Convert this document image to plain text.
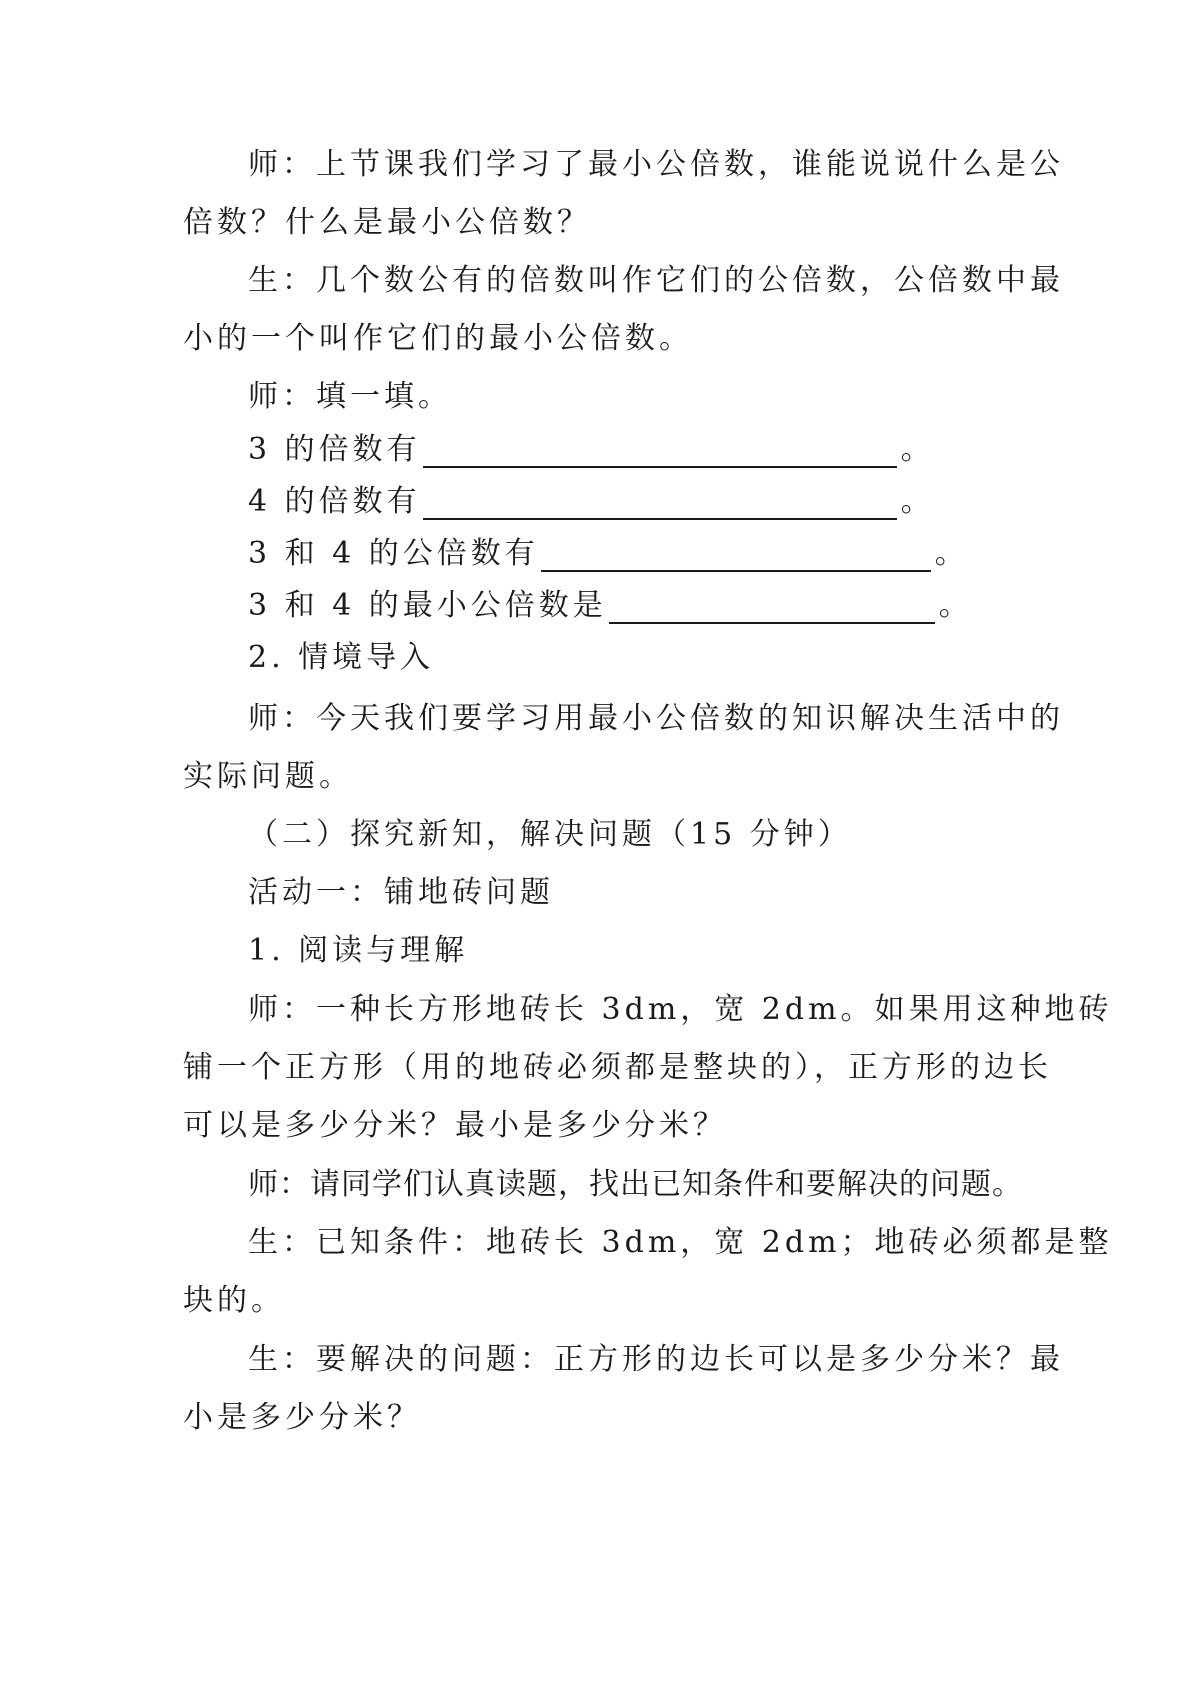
师：上节课我们学习了最小公倍数，谁能说说什么是公
倍数？什么是最小公倍数？
生：几个数公有的倍数叫作它们的公倍数，公倍数中最
小的一个叫作它们的最小公倍数。
师：填一填。
3 的倍数有	。
4 的倍数有	。
3 和 4 的公倍数有	。
3 和 4 的最小公倍数是	。
2. 情境导入
师：今天我们要学习用最小公倍数的知识解决生活中的
实际问题。
（二）探究新知，解决问题（15 分钟）
活动一：铺地砖问题
1. 阅读与理解
师：一种长方形地砖长 3dm，宽 2dm。如果用这种地砖
铺一个正方形（用的地砖必须都是整块的），正方形的边长
可以是多少分米？最小是多少分米？
师：请同学们认真读题，找出已知条件和要解决的问题。
生：已知条件：地砖长 3dm，宽 2dm；地砖必须都是整
块的。
生：要解决的问题：正方形的边长可以是多少分米？最
小是多少分米？
